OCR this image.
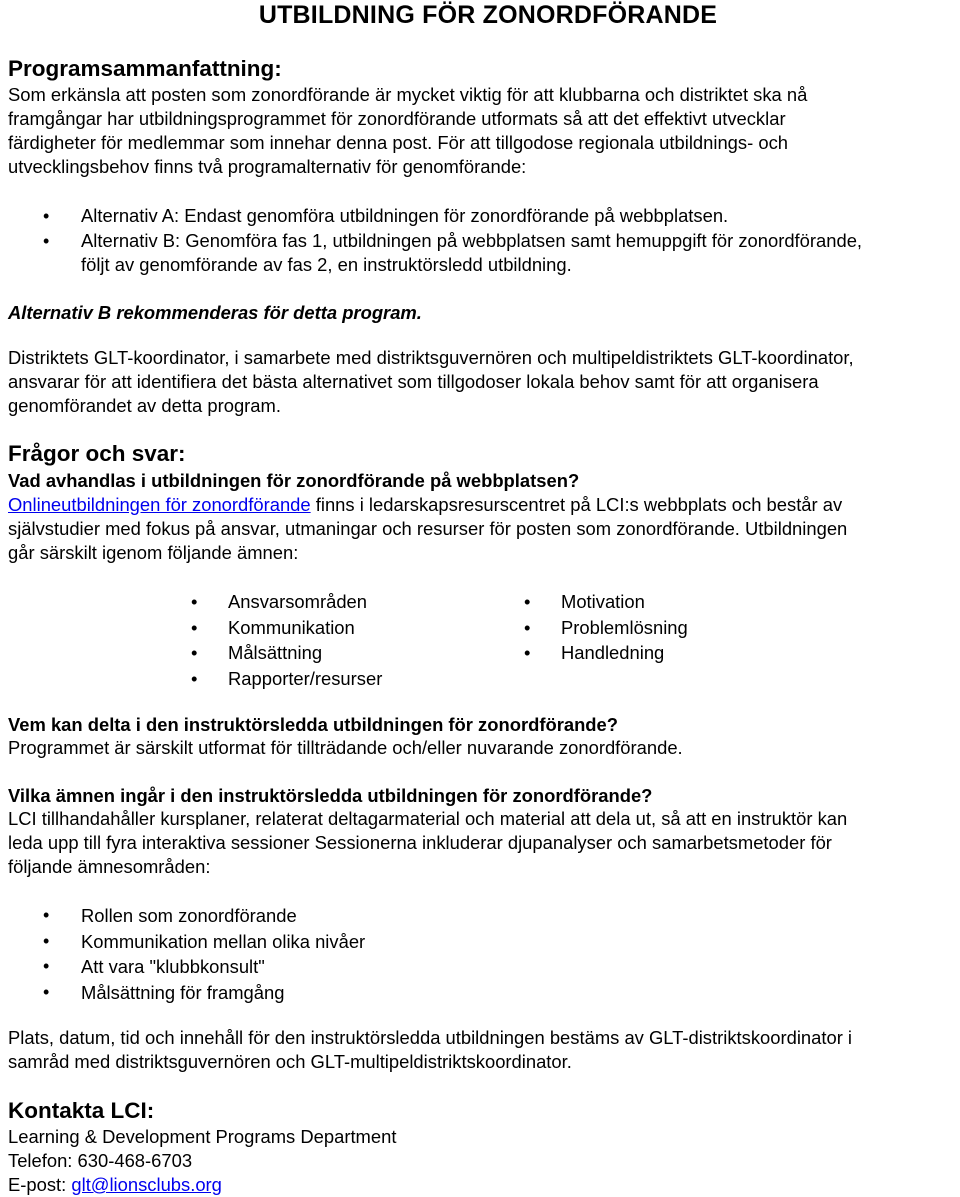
UTBILDNING FÖR ZONORDFÖRANDE
Programsammanfattning:
Som erkänsla att posten som zonordförande är mycket viktig för att klubbarna och distriktet ska nå
framgångar har utbildningsprogrammet för zonordförande utformats så att det effektivt utvecklar
färdigheter för medlemmar som innehar denna post. För att tillgodose regionala utbildnings- och
utvecklingsbehov finns två programalternativ för genomförande:
• Alternativ A: Endast genomföra utbildningen för zonordförande på webbplatsen.
• Alternativ B: Genomföra fas 1, utbildningen på webbplatsen samt hemuppgift för zonordförande,
följt av genomförande av fas 2, en instruktörsledd utbildning.
Alternativ B rekommenderas för detta program.
Distriktets GLT-koordinator, i samarbete med distriktsguvernören och multipeldistriktets GLT-koordinator,
ansvarar för att identifiera det bästa alternativet som tillgodoser lokala behov samt för att organisera
genomförandet av detta program.
Frågor och svar:
Vad avhandlas i utbildningen för zonordförande på webbplatsen?
Onlineutbildningen för zonordförande finns i ledarskapsresurscentret på LCI:s webbplats och består av
självstudier med fokus på ansvar, utmaningar och resurser för posten som zonordförande. Utbildningen
går särskilt igenom följande ämnen:
• Ansvarsområden
• Kommunikation
• Målsättning
• Rapporter/resurser
• Motivation
• Problemlösning
• Handledning
Vem kan delta i den instruktörsledda utbildningen för zonordförande?
Programmet är särskilt utformat för tillträdande och/eller nuvarande zonordförande.
Vilka ämnen ingår i den instruktörsledda utbildningen för zonordförande?
LCI tillhandahåller kursplaner, relaterat deltagarmaterial och material att dela ut, så att en instruktör kan
leda upp till fyra interaktiva sessioner Sessionerna inkluderar djupanalyser och samarbetsmetoder för
följande ämnesområden:
• Rollen som zonordförande
• Kommunikation mellan olika nivåer
• Att vara "klubbkonsult"
• Målsättning för framgång
Plats, datum, tid och innehåll för den instruktörsledda utbildningen bestäms av GLT-distriktskoordinator i
samråd med distriktsguvernören och GLT-multipeldistriktskoordinator.
Kontakta LCI:
Learning & Development Programs Department
Telefon: 630-468-6703
E-post: glt@lionsclubs.org
